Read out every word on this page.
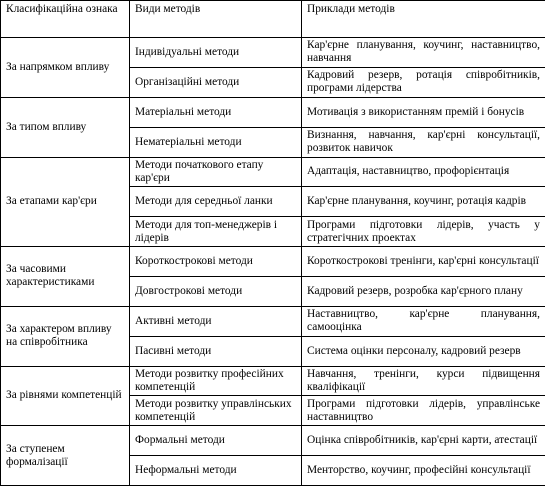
Класифікаційна ознака	Види методів	Приклади методів
За напрямком впливу	Індивідуальні методи	Кар'єрне планування, коучинг, наставництво, навчання
	Організаційні методи	Кадровий резерв, ротація співробітників, програми лідерства
За типом впливу	Матеріальні методи	Мотивація з використанням премій і бонусів
	Нематеріальні методи	Визнання, навчання, кар'єрні консультації, розвиток навичок
За етапами кар'єри	Методи початкового етапу кар'єри	Адаптація, наставництво, профорієнтація
	Методи для середньої ланки	Кар'єрне планування, коучинг, ротація кадрів
	Методи для топ-менеджерів і лідерів	Програми підготовки лідерів, участь у стратегічних проектах
За часовими характеристиками	Короткострокові методи	Короткострокові тренінги, кар'єрні консультації
	Довгострокові методи	Кадровий резерв, розробка кар'єрного плану
За характером впливу на співробітника	Активні методи	Наставництво, кар'єрне планування, самооцінка
	Пасивні методи	Система оцінки персоналу, кадровий резерв
За рівнями компетенцій	Методи розвитку професійних компетенцій	Навчання, тренінги, курси підвищення кваліфікації
	Методи розвитку управлінських компетенцій	Програми підготовки лідерів, управлінське наставництво
За ступенем формалізації	Формальні методи	Оцінка співробітників, кар'єрні карти, атестації
	Неформальні методи	Менторство, коучинг, професійні консультації
